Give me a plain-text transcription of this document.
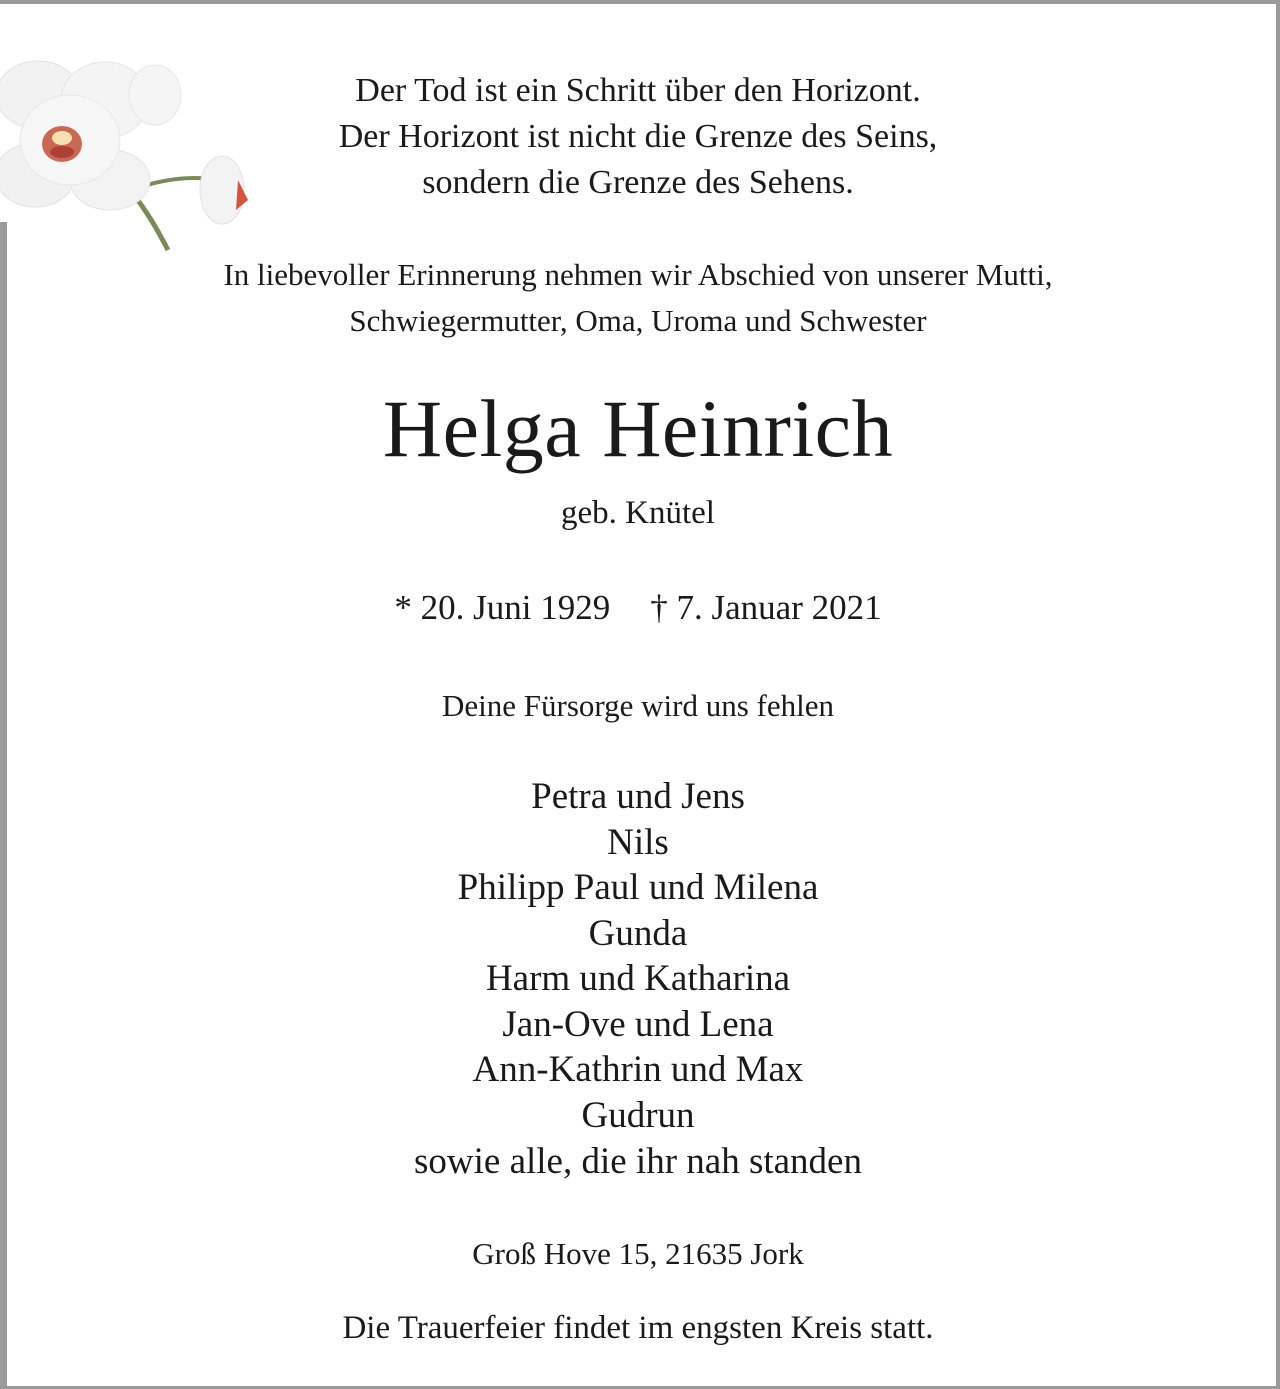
Der Tod ist ein Schritt über den Horizont.
Der Horizont ist nicht die Grenze des Seins,
sondern die Grenze des Sehens.
In liebevoller Erinnerung nehmen wir Abschied von unserer Mutti,
Schwiegermutter, Oma, Uroma und Schwester
Helga Heinrich
geb. Knütel
* 20. Juni 1929 † 7. Januar 2021
Deine Fürsorge wird uns fehlen
Petra und Jens
Nils
Philipp Paul und Milena
Gunda
Harm und Katharina
Jan-Ove und Lena
Ann-Kathrin und Max
Gudrun
sowie alle, die ihr nah standen
Groß Hove 15, 21635 Jork
Die Trauerfeier findet im engsten Kreis statt.
